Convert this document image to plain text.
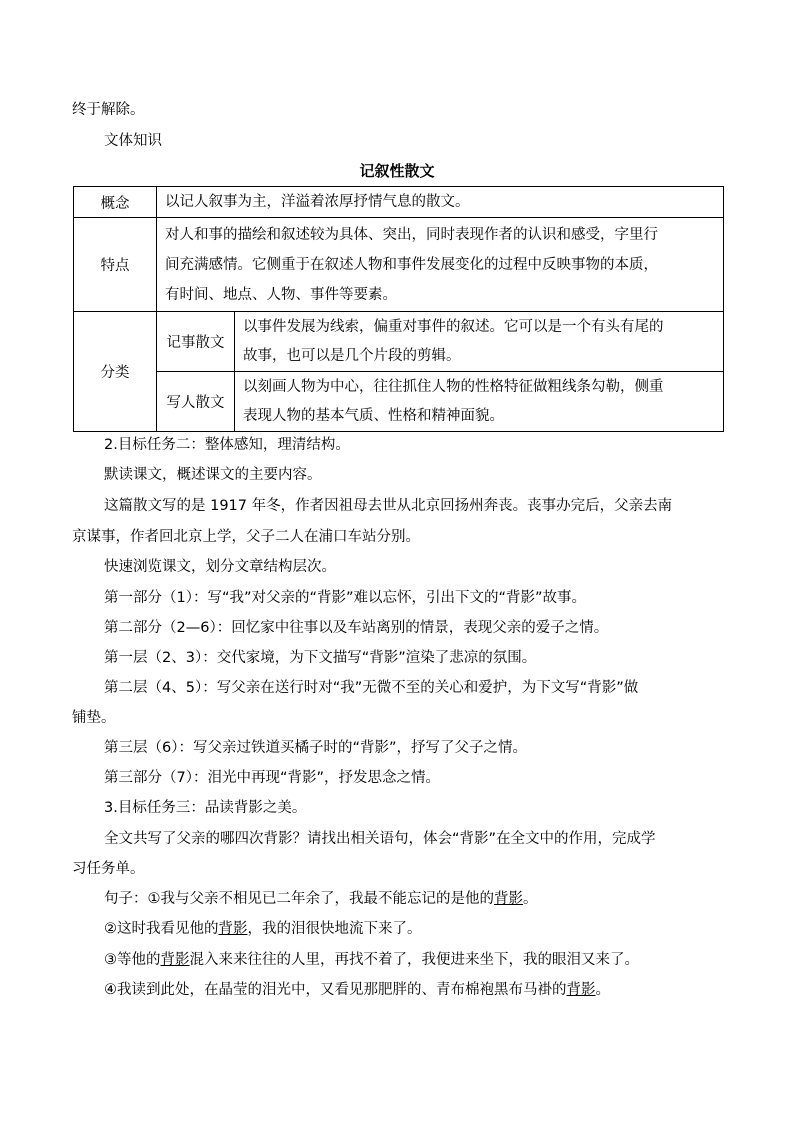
终于解除。
文体知识
记叙性散文
概念	以记人叙事为主，洋溢着浓厚抒情气息的散文。	
特点	对人和事的描绘和叙述较为具体、突出，同时表现作者的认识和感受，字里行
间充满感情。它侧重于在叙述人物和事件发展变化的过程中反映事物的本质，
有时间、地点、人物、事件等要素。	

分类	记事散文	以事件发展为线索，偏重对事件的叙述。它可以是一个有头有尾的
故事，也可以是几个片段的剪辑。

	写人散文	以刻画人物为中心，往往抓住人物的性格特征做粗线条勾勒，侧重
表现人物的基本气质、性格和精神面貌。
2.目标任务二：整体感知，理清结构。
默读课文，概述课文的主要内容。
这篇散文写的是 1917 年冬，作者因祖母去世从北京回扬州奔丧。丧事办完后，父亲去南
京谋事，作者回北京上学，父子二人在浦口车站分别。
快速浏览课文，划分文章结构层次。
第一部分（1）：写“我”对父亲的“背影”难以忘怀，引出下文的“背影”故事。
第二部分（2—6）：回忆家中往事以及车站离别的情景，表现父亲的爱子之情。
第一层（2、3）：交代家境，为下文描写“背影”渲染了悲凉的氛围。
第二层（4、5）：写父亲在送行时对“我”无微不至的关心和爱护，为下文写“背影”做
铺垫。
第三层（6）：写父亲过铁道买橘子时的“背影”，抒写了父子之情。
第三部分（7）：泪光中再现“背影”，抒发思念之情。
3.目标任务三：品读背影之美。
全文共写了父亲的哪四次背影？请找出相关语句，体会“背影”在全文中的作用，完成学
习任务单。
句子：①我与父亲不相见已二年余了，我最不能忘记的是他的背影。
②这时我看见他的背影，我的泪很快地流下来了。
③等他的背影混入来来往往的人里，再找不着了，我便进来坐下，我的眼泪又来了。
④我读到此处，在晶莹的泪光中，又看见那肥胖的、青布棉袍黑布马褂的背影。
